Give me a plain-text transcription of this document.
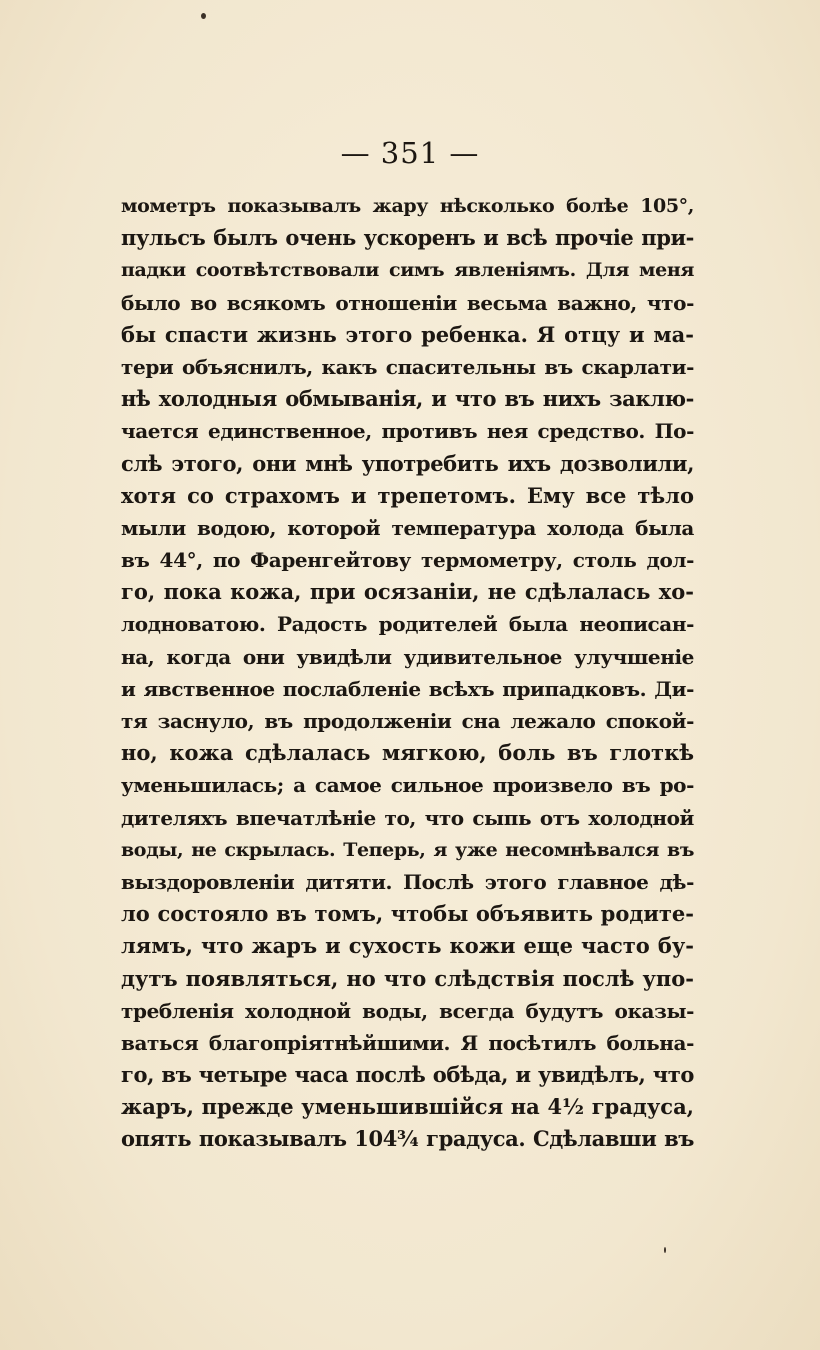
— 351 —
мометръ показывалъ жару нѣсколько болѣе 105°,
пульсъ былъ очень ускоренъ и всѣ прочіе при-
падки соотвѣтствовали симъ явленіямъ. Для меня
было во всякомъ отношеніи весьма важно, что-
бы спасти жизнь этого ребенка. Я отцу и ма-
тери объяснилъ, какъ спасительны въ скарлати-
нѣ холодныя обмыванія, и что въ нихъ заклю-
чается единственное, противъ нея средство. По-
слѣ этого, они мнѣ употребить ихъ дозволили,
хотя со страхомъ и трепетомъ. Ему все тѣло
мыли водою, которой температура холода была
въ 44°, по Фаренгейтову термометру, столь дол-
го, пока кожа, при осязаніи, не сдѣлалась хо-
лодноватою. Радость родителей была неописан-
на, когда они увидѣли удивительное улучшеніе
и явственное послабленіе всѣхъ припадковъ. Ди-
тя заснуло, въ продолженіи сна лежало спокой-
но, кожа сдѣлалась мягкою, боль въ глоткѣ
уменьшилась; а самое сильное произвело въ ро-
дителяхъ впечатлѣніе то, что сыпь отъ холодной
воды, не скрылась. Теперь, я уже несомнѣвался въ
выздоровленіи дитяти. Послѣ этого главное дѣ-
ло состояло въ томъ, чтобы объявить родите-
лямъ, что жаръ и сухость кожи еще часто бу-
дутъ появляться, но что слѣдствія послѣ упо-
требленія холодной воды, всегда будутъ оказы-
ваться благопріятнѣйшими. Я посѣтилъ больна-
го, въ четыре часа послѣ обѣда, и увидѣлъ, что
жаръ, прежде уменьшившійся на 4½ градуса,
опять показывалъ 104¾ градуса. Сдѣлавши въ
